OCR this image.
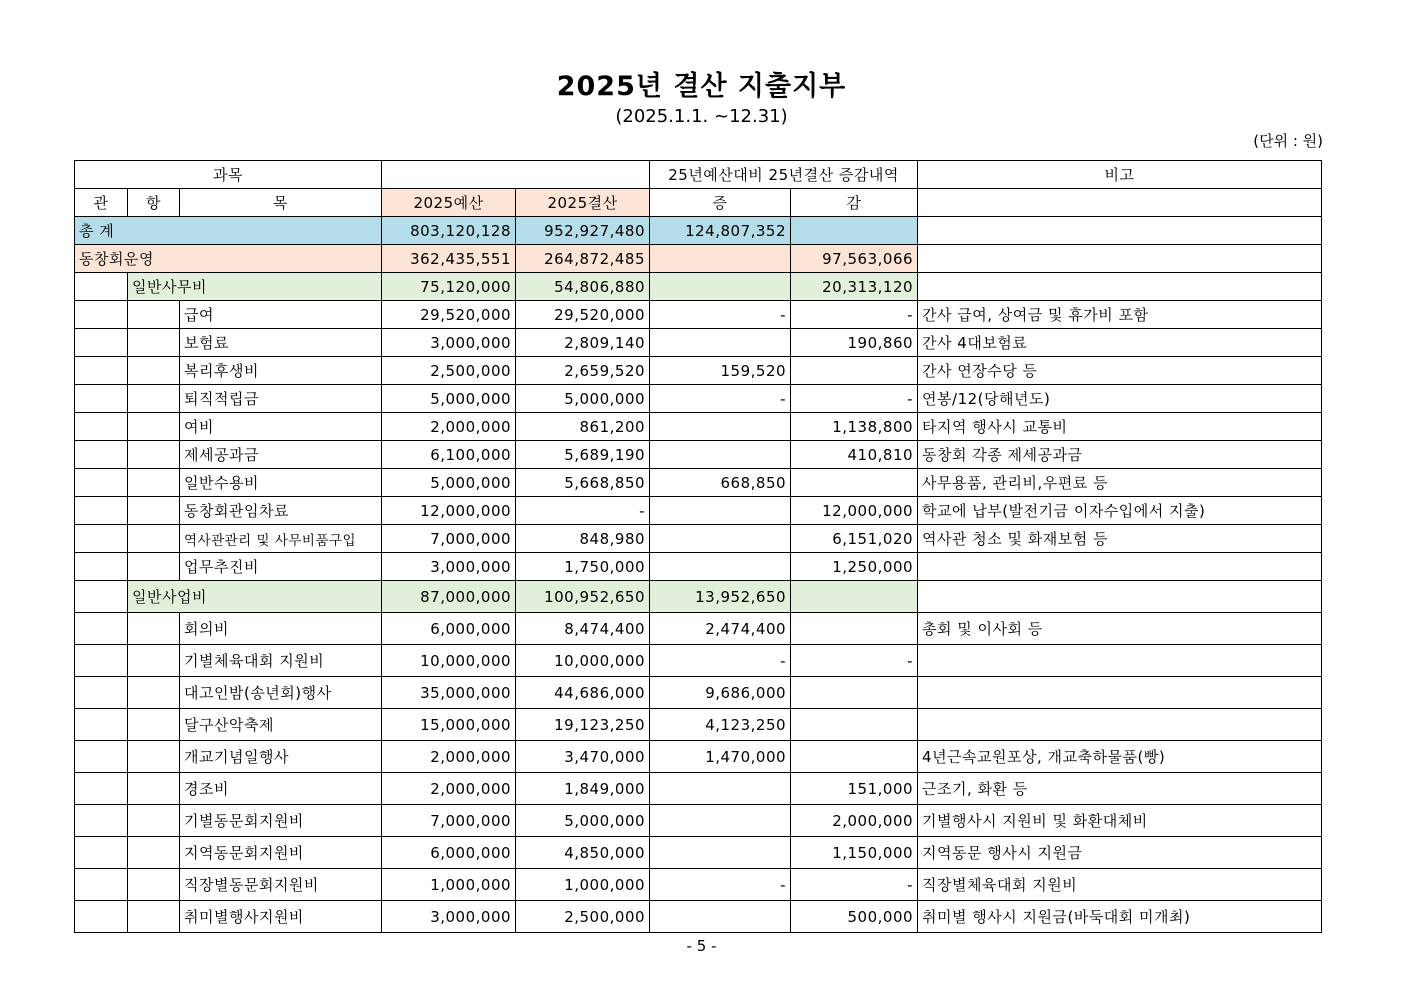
2025년 결산 지출지부
(2025.1.1. ~12.31)
(단위 : 원)
과목					25년예산대비 25년결산 증감내역		비고
관	항	목	2025예산	2025결산	증	감	
총 계			803,120,128	952,927,480	124,807,352		
동창회운영			362,435,551	264,872,485		97,563,066	
	일반사무비		75,120,000	54,806,880		20,313,120	
		급여	29,520,000	29,520,000	-	-	간사 급여, 상여금 및 휴가비 포함
		보험료	3,000,000	2,809,140		190,860	간사 4대보험료
		복리후생비	2,500,000	2,659,520	159,520		간사 연장수당 등
		퇴직적립금	5,000,000	5,000,000	-	-	연봉/12(당해년도)
		여비	2,000,000	861,200		1,138,800	타지역 행사시 교통비
		제세공과금	6,100,000	5,689,190		410,810	동창회 각종 제세공과금
		일반수용비	5,000,000	5,668,850	668,850		사무용품, 관리비,우편료 등
		동창회관임차료	12,000,000	-		12,000,000	학교에 납부(발전기금 이자수입에서 지출)
		역사관관리 및 사무비품구입	7,000,000	848,980		6,151,020	역사관 청소 및 화재보험 등
		업무추진비	3,000,000	1,750,000		1,250,000	
	일반사업비		87,000,000	100,952,650	13,952,650		
		회의비	6,000,000	8,474,400	2,474,400		총회 및 이사회 등
		기별체육대회 지원비	10,000,000	10,000,000	-	-	
		대고인밤(송년회)행사	35,000,000	44,686,000	9,686,000		
		달구산악축제	15,000,000	19,123,250	4,123,250		
		개교기념일행사	2,000,000	3,470,000	1,470,000		4년근속교원포상, 개교축하물품(빵)
		경조비	2,000,000	1,849,000		151,000	근조기, 화환 등
		기별동문회지원비	7,000,000	5,000,000		2,000,000	기별행사시 지원비 및 화환대체비
		지역동문회지원비	6,000,000	4,850,000		1,150,000	지역동문 행사시 지원금
		직장별동문회지원비	1,000,000	1,000,000	-	-	직장별체육대회 지원비
		취미별행사지원비	3,000,000	2,500,000		500,000	취미별 행사시 지원금(바둑대회 미개최)
- 5 -
